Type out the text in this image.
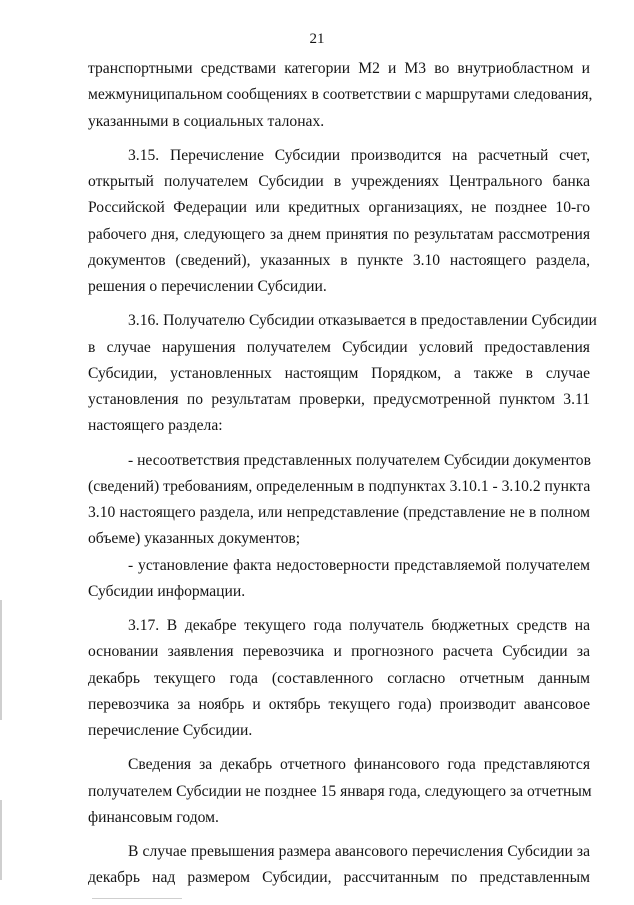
21
транспортными средствами категории М2 и М3 во внутриобластном и
межмуниципальном сообщениях в соответствии с маршрутами следования,
указанными в социальных талонах.
3.15. Перечисление Субсидии производится на расчетный счет,
открытый получателем Субсидии в учреждениях Центрального банка
Российской Федерации или кредитных организациях, не позднее 10-го
рабочего дня, следующего за днем принятия по результатам рассмотрения
документов (сведений), указанных в пункте 3.10 настоящего раздела,
решения о перечислении Субсидии.
3.16. Получателю Субсидии отказывается в предоставлении Субсидии
в случае нарушения получателем Субсидии условий предоставления
Субсидии, установленных настоящим Порядком, а также в случае
установления по результатам проверки, предусмотренной пунктом 3.11
настоящего раздела:
- несоответствия представленных получателем Субсидии документов
(сведений) требованиям, определенным в подпунктах 3.10.1 - 3.10.2 пункта
3.10 настоящего раздела, или непредставление (представление не в полном
объеме) указанных документов;
- установление факта недостоверности представляемой получателем
Субсидии информации.
3.17. В декабре текущего года получатель бюджетных средств на
основании заявления перевозчика и прогнозного расчета Субсидии за
декабрь текущего года (составленного согласно отчетным данным
перевозчика за ноябрь и октябрь текущего года) производит авансовое
перечисление Субсидии.
Сведения за декабрь отчетного финансового года представляются
получателем Субсидии не позднее 15 января года, следующего за отчетным
финансовым годом.
В случае превышения размера авансового перечисления Субсидии за
декабрь над размером Субсидии, рассчитанным по представленным
